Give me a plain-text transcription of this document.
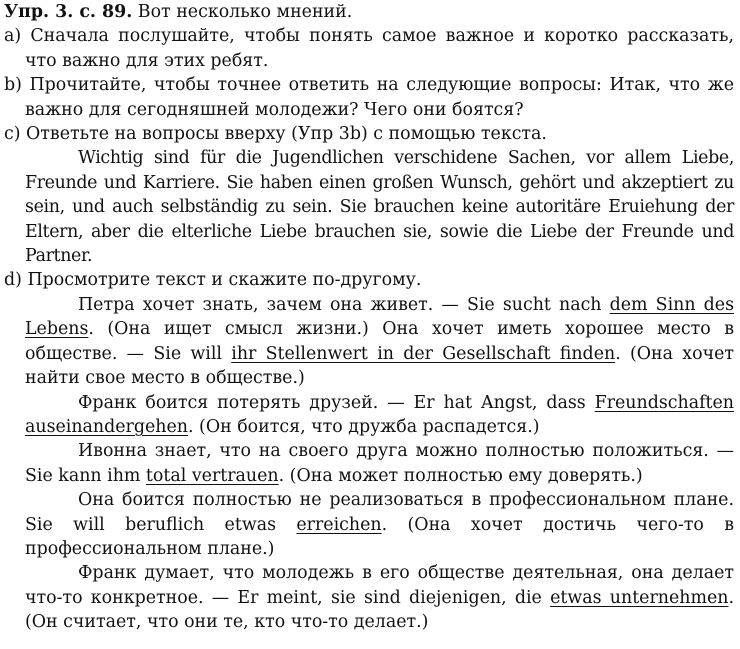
Упр. 3. с. 89. Вот несколько мнений.

a) Сначала послушайте, чтобы понять самое важное и коротко рассказать, что важно для этих ребят.

b) Прочитайте, чтобы точнее ответить на следующие вопросы: Итак, что же важно для сегодняшней молодежи? Чего они боятся?

c) Ответьте на вопросы вверху (Упр 3b) с помощью текста.

Wichtig sind für die Jugendlichen verschidene Sachen, vor allem Liebe, Freunde und Karriere. Sie haben einen großen Wunsch, gehört und akzeptiert zu sein, und auch selbständig zu sein. Sie brauchen keine autoritäre Eruiehung der Eltern, aber die elterliche Liebe brauchen sie, sowie die Liebe der Freunde und Partner.

d) Просмотрите текст и скажите по-другому.

Петра хочет знать, зачем она живет. — Sie sucht nach dem Sinn des Lebens. (Она ищет смысл жизни.) Она хочет иметь хорошее место в обществе. — Sie will ihr Stellenwert in der Gesellschaft finden. (Она хочет найти свое место в обществе.)

Франк боится потерять друзей. — Er hat Angst, dass Freundschaften auseinandergehen. (Он боится, что дружба распадется.)

Ивонна знает, что на своего друга можно полностью положиться. — Sie kann ihm total vertrauen. (Она может полностью ему доверять.)

Она боится полностью не реализоваться в профессиональном плане. Sie will beruflich etwas erreichen. (Она хочет достичь чего-то в профессиональном плане.)

Франк думает, что молодежь в его обществе деятельная, она делает что-то конкретное. — Er meint, sie sind diejenigen, die etwas unternehmen. (Он считает, что они те, кто что-то делает.)
